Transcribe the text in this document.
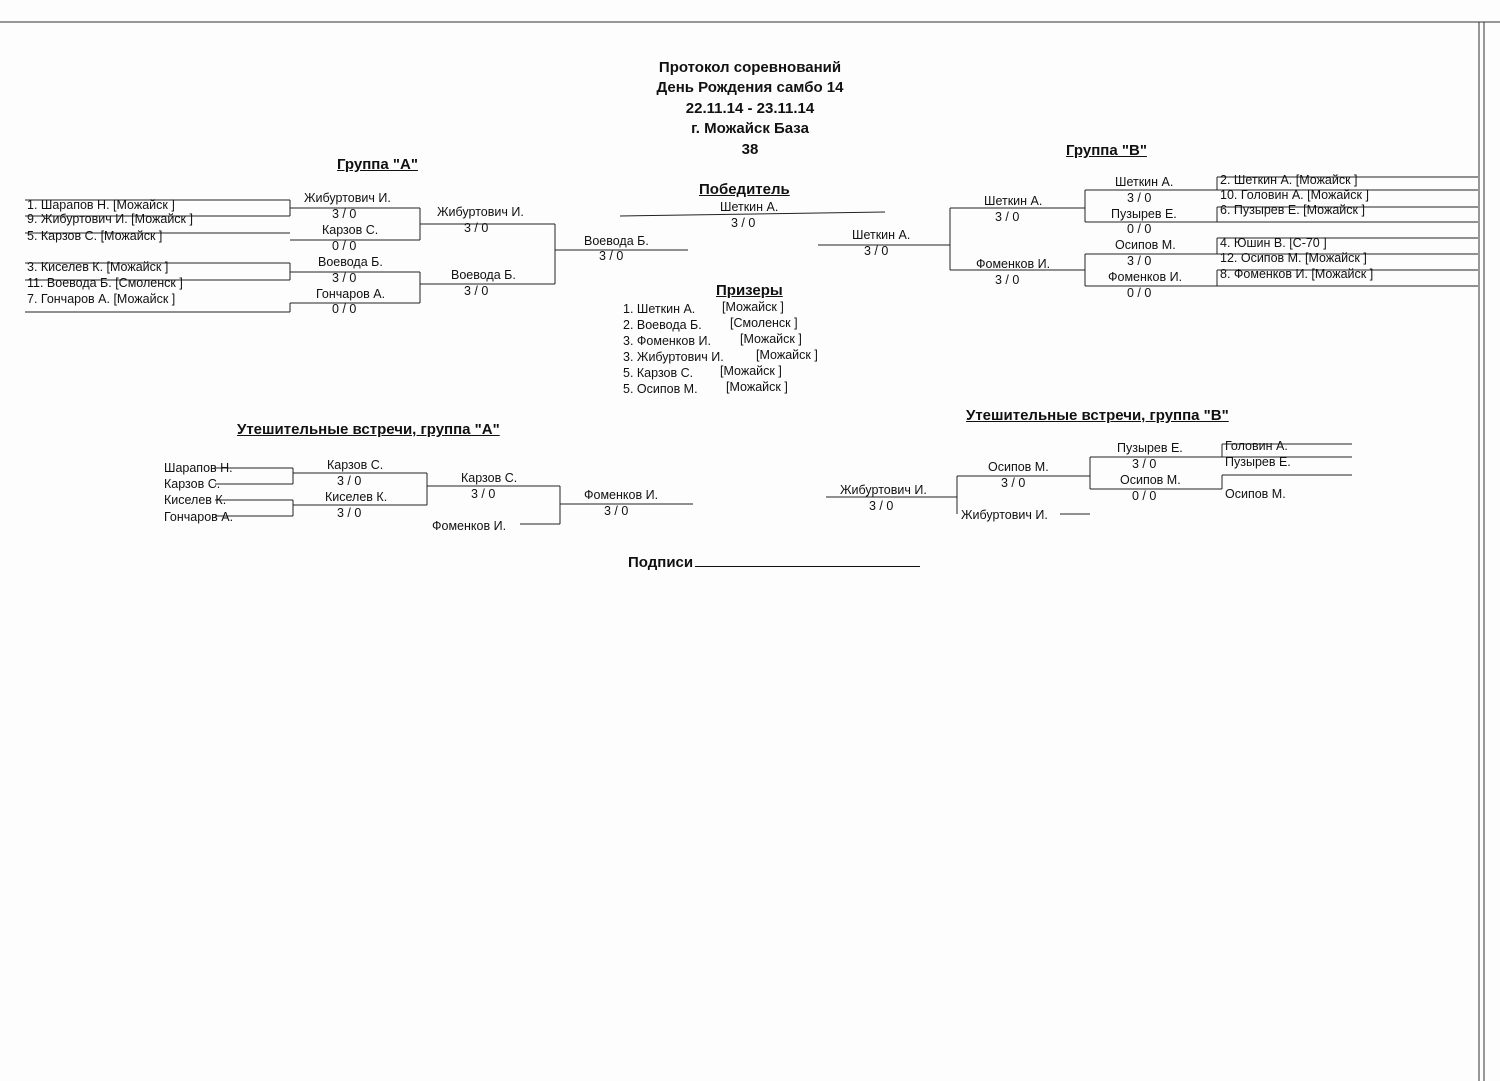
Протокол соревнований
День Рождения самбо 14
22.11.14 - 23.11.14
г. Можайск База
38
Группа "А"
1. Шарапов Н. [Можайск ]
9. Жибуртович И. [Можайск ]
5. Карзов С. [Можайск ]
3. Киселев К. [Можайск ]
11. Воевода Б. [Смоленск ]
7. Гончаров А. [Можайск ]
Жибуртович И.
3 / 0
Карзов С.
0 / 0
Воевода Б.
3 / 0
Гончаров А.
0 / 0
Жибуртович И.
3 / 0
Воевода Б.
3 / 0
Воевода Б.
3 / 0
Победитель
Шеткин А.
3 / 0
Группа "В"
Шеткин А.
3 / 0
Шеткин А.
3 / 0
Фоменков И.
3 / 0
Шеткин А.
3 / 0
Пузырев Е.
0 / 0
Осипов М.
3 / 0
Фоменков И.
0 / 0
2. Шеткин А. [Можайск ]
10. Головин А. [Можайск ]
6. Пузырев Е. [Можайск ]
4. Юшин В. [С-70 ]
12. Осипов М. [Можайск ]
8. Фоменков И. [Можайск ]
Призеры
1. Шеткин А. [Можайск ]
2. Воевода Б. [Смоленск ]
3. Фоменков И. [Можайск ]
3. Жибуртович И.	[Можайск ]
5. Карзов С. [Можайск ]
5. Осипов М. [Можайск ]
Утешительные встречи, группа "А"
Шарапов Н.
Карзов С.
Киселев К.
Гончаров А.
Карзов С.
3 / 0
Киселев К.
3 / 0
Карзов С.
3 / 0
Фоменков И.
Фоменков И.
3 / 0
Утешительные встречи, группа "В"
Жибуртович И.
3 / 0
Осипов М.
3 / 0
Жибуртович И.
Пузырев Е.
3 / 0
Осипов М.
0 / 0
Головин А.
Пузырев Е.
Осипов М.
Подписи
